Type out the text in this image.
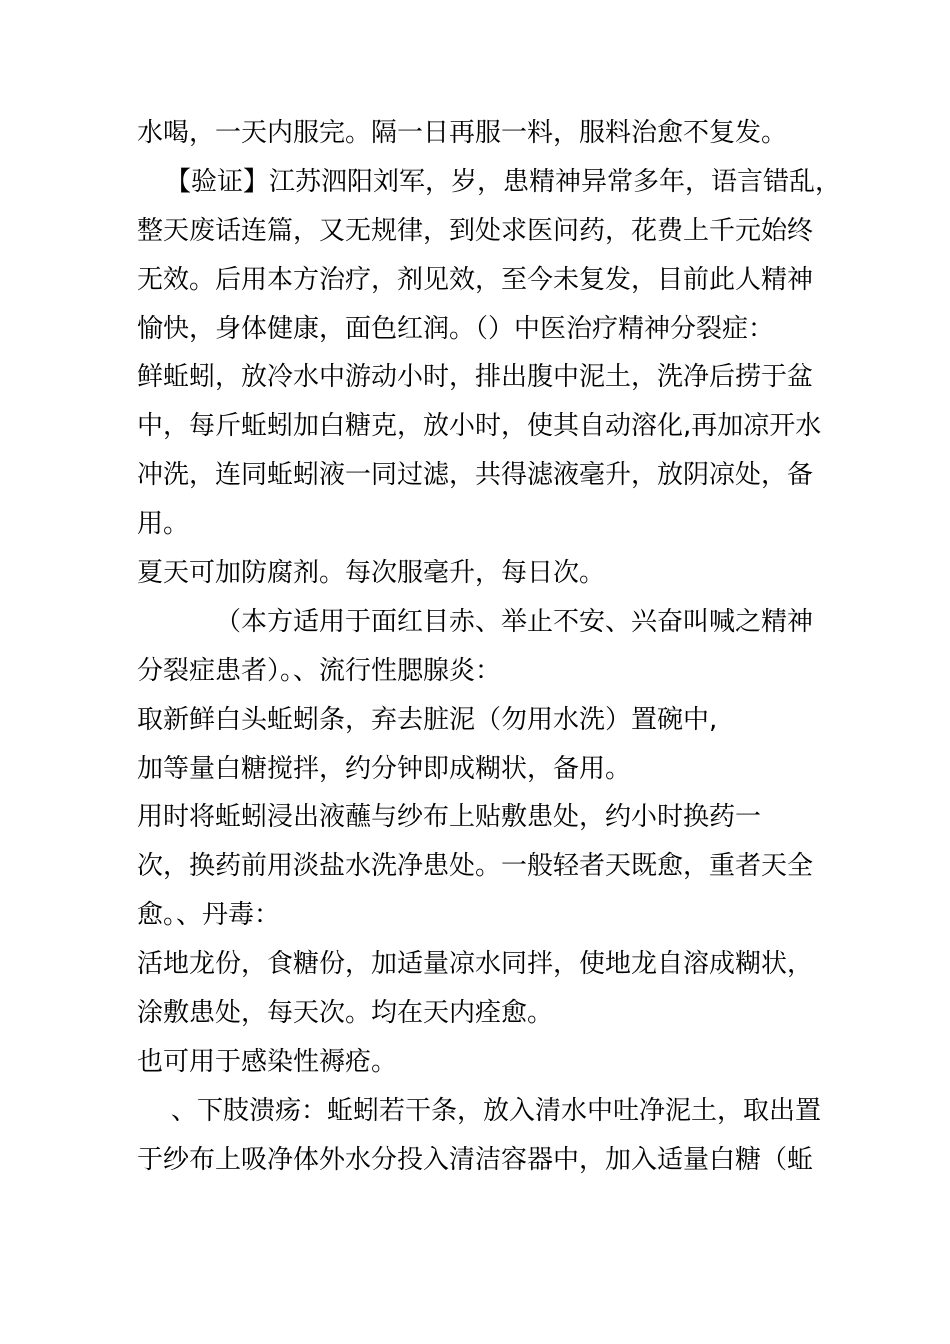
水喝，一天内服完。隔一日再服一料，服料治愈不复发。
【验证】江苏泗阳刘军，岁，患精神异常多年，语言错乱，
整天废话连篇，又无规律，到处求医问药，花费上千元始终
无效。后用本方治疗，剂见效，至今未复发，目前此人精神
愉快，身体健康，面色红润。（）中医治疗精神分裂症：
鲜蚯蚓，放冷水中游动小时，排出腹中泥土，洗净后捞于盆
中，每斤蚯蚓加白糖克，放小时，使其自动溶化,再加凉开水
冲洗，连同蚯蚓液一同过滤，共得滤液毫升，放阴凉处，备
用。
夏天可加防腐剂。每次服毫升，每日次。
（本方适用于面红目赤、举止不安、兴奋叫喊之精神
分裂症患者）。、流行性腮腺炎：
取新鲜白头蚯蚓条，弃去脏泥（勿用水洗）置碗中,
加等量白糖搅拌，约分钟即成糊状，备用。
用时将蚯蚓浸出液蘸与纱布上贴敷患处，约小时换药一
次，换药前用淡盐水洗净患处。一般轻者天既愈，重者天全
愈。、丹毒：
活地龙份，食糖份，加适量凉水同拌，使地龙自溶成糊状，
涂敷患处，每天次。均在天内痊愈。
也可用于感染性褥疮。
、下肢溃疡：蚯蚓若干条，放入清水中吐净泥土，取出置
于纱布上吸净体外水分投入清洁容器中，加入适量白糖（蚯
